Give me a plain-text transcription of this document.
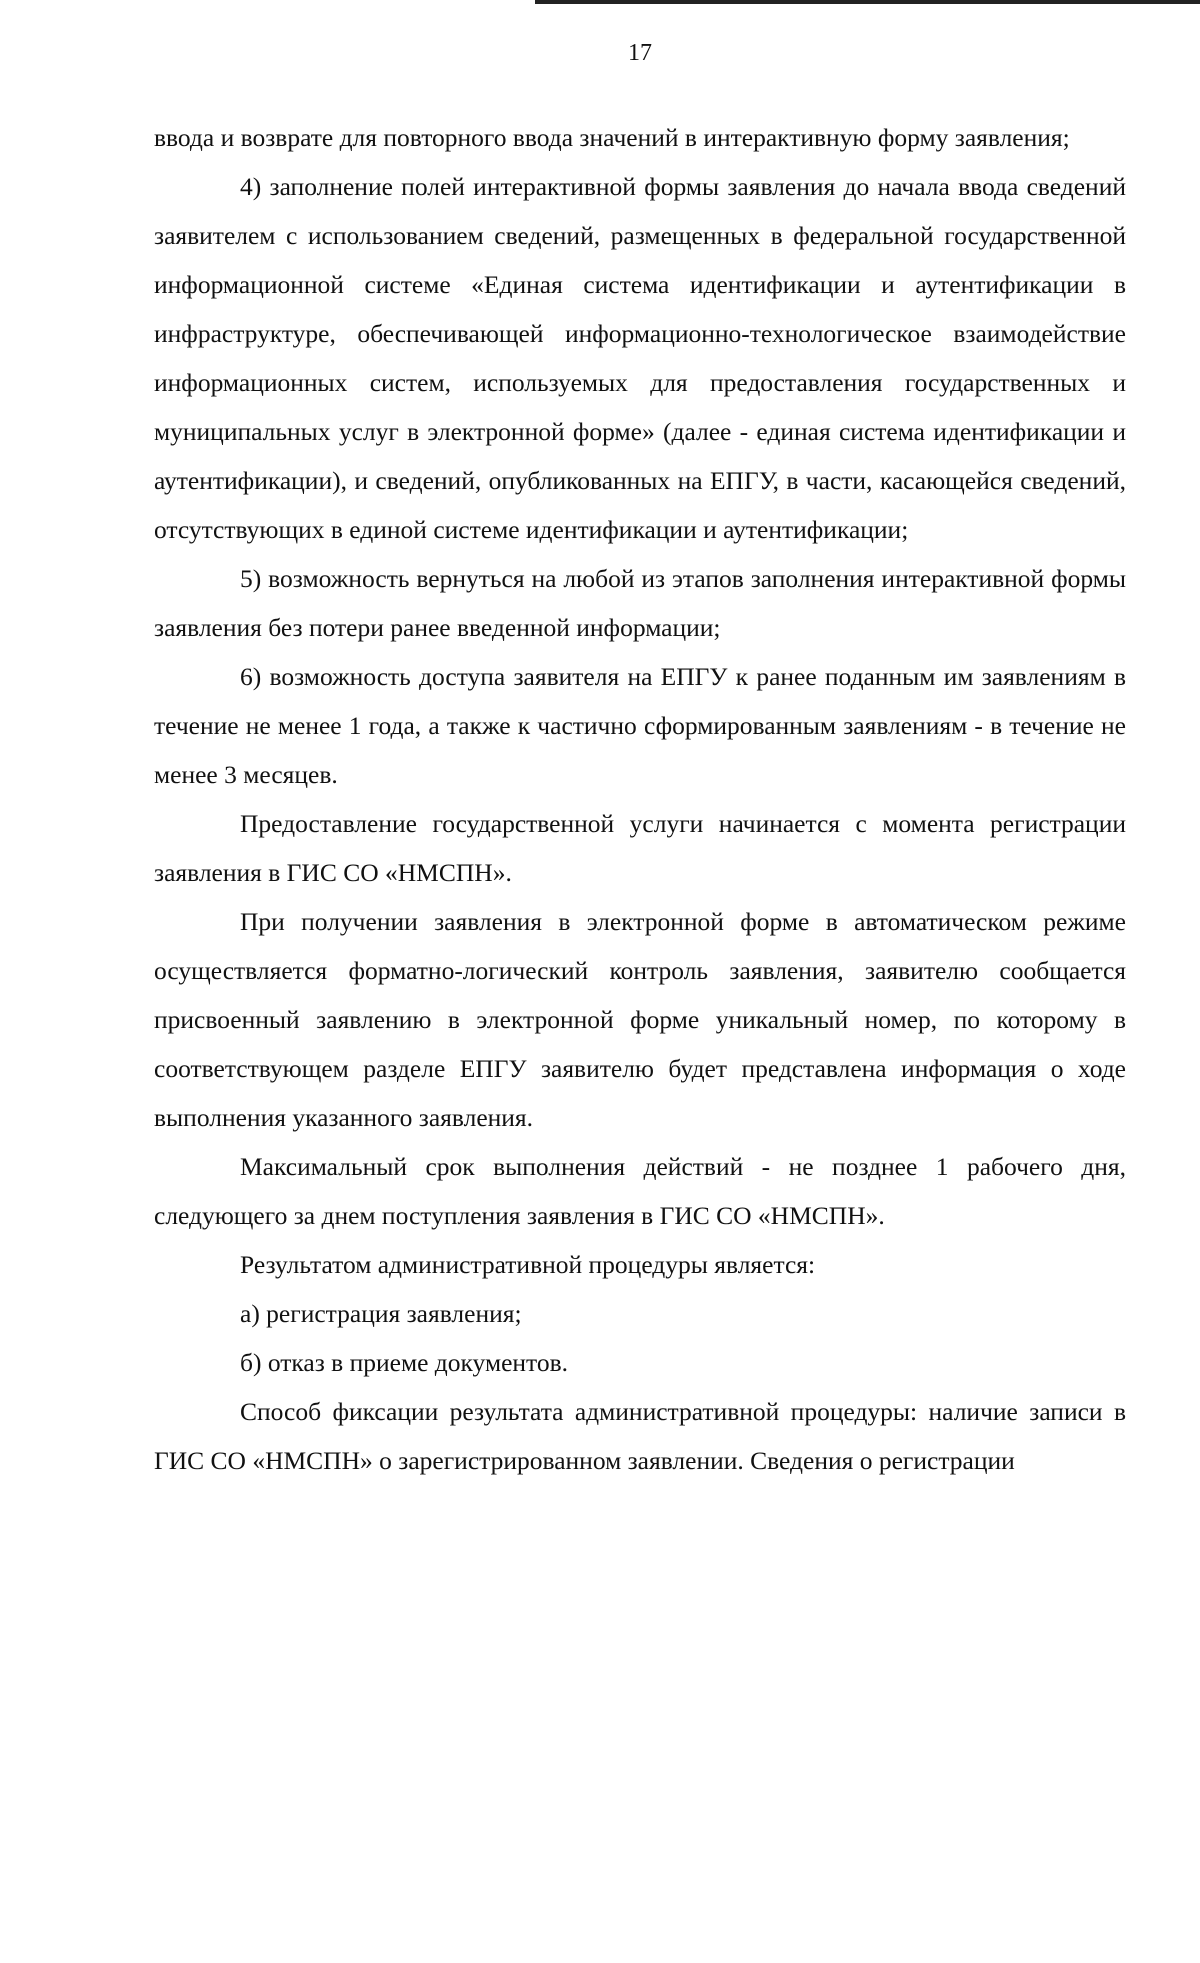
17

ввода и возврате для повторного ввода значений в интерактивную форму заявления;

4) заполнение полей интерактивной формы заявления до начала ввода сведений заявителем с использованием сведений, размещенных в федеральной государственной информационной системе «Единая система идентификации и аутентификации в инфраструктуре, обеспечивающей информационно-технологическое взаимодействие информационных систем, используемых для предоставления государственных и муниципальных услуг в электронной форме» (далее - единая система идентификации и аутентификации), и сведений, опубликованных на ЕПГУ, в части, касающейся сведений, отсутствующих в единой системе идентификации и аутентификации;

5) возможность вернуться на любой из этапов заполнения интерактивной формы заявления без потери ранее введенной информации;

6) возможность доступа заявителя на ЕПГУ к ранее поданным им заявлениям в течение не менее 1 года, а также к частично сформированным заявлениям - в течение не менее 3 месяцев.

Предоставление государственной услуги начинается с момента регистрации заявления в ГИС СО «НМСПН».

При получении заявления в электронной форме в автоматическом режиме осуществляется форматно-логический контроль заявления, заявителю сообщается присвоенный заявлению в электронной форме уникальный номер, по которому в соответствующем разделе ЕПГУ заявителю будет представлена информация о ходе выполнения указанного заявления.

Максимальный срок выполнения действий - не позднее 1 рабочего дня, следующего за днем поступления заявления в ГИС СО «НМСПН».

Результатом административной процедуры является:

а) регистрация заявления;

б) отказ в приеме документов.

Способ фиксации результата административной процедуры: наличие записи в ГИС СО «НМСПН» о зарегистрированном заявлении. Сведения о регистрации
